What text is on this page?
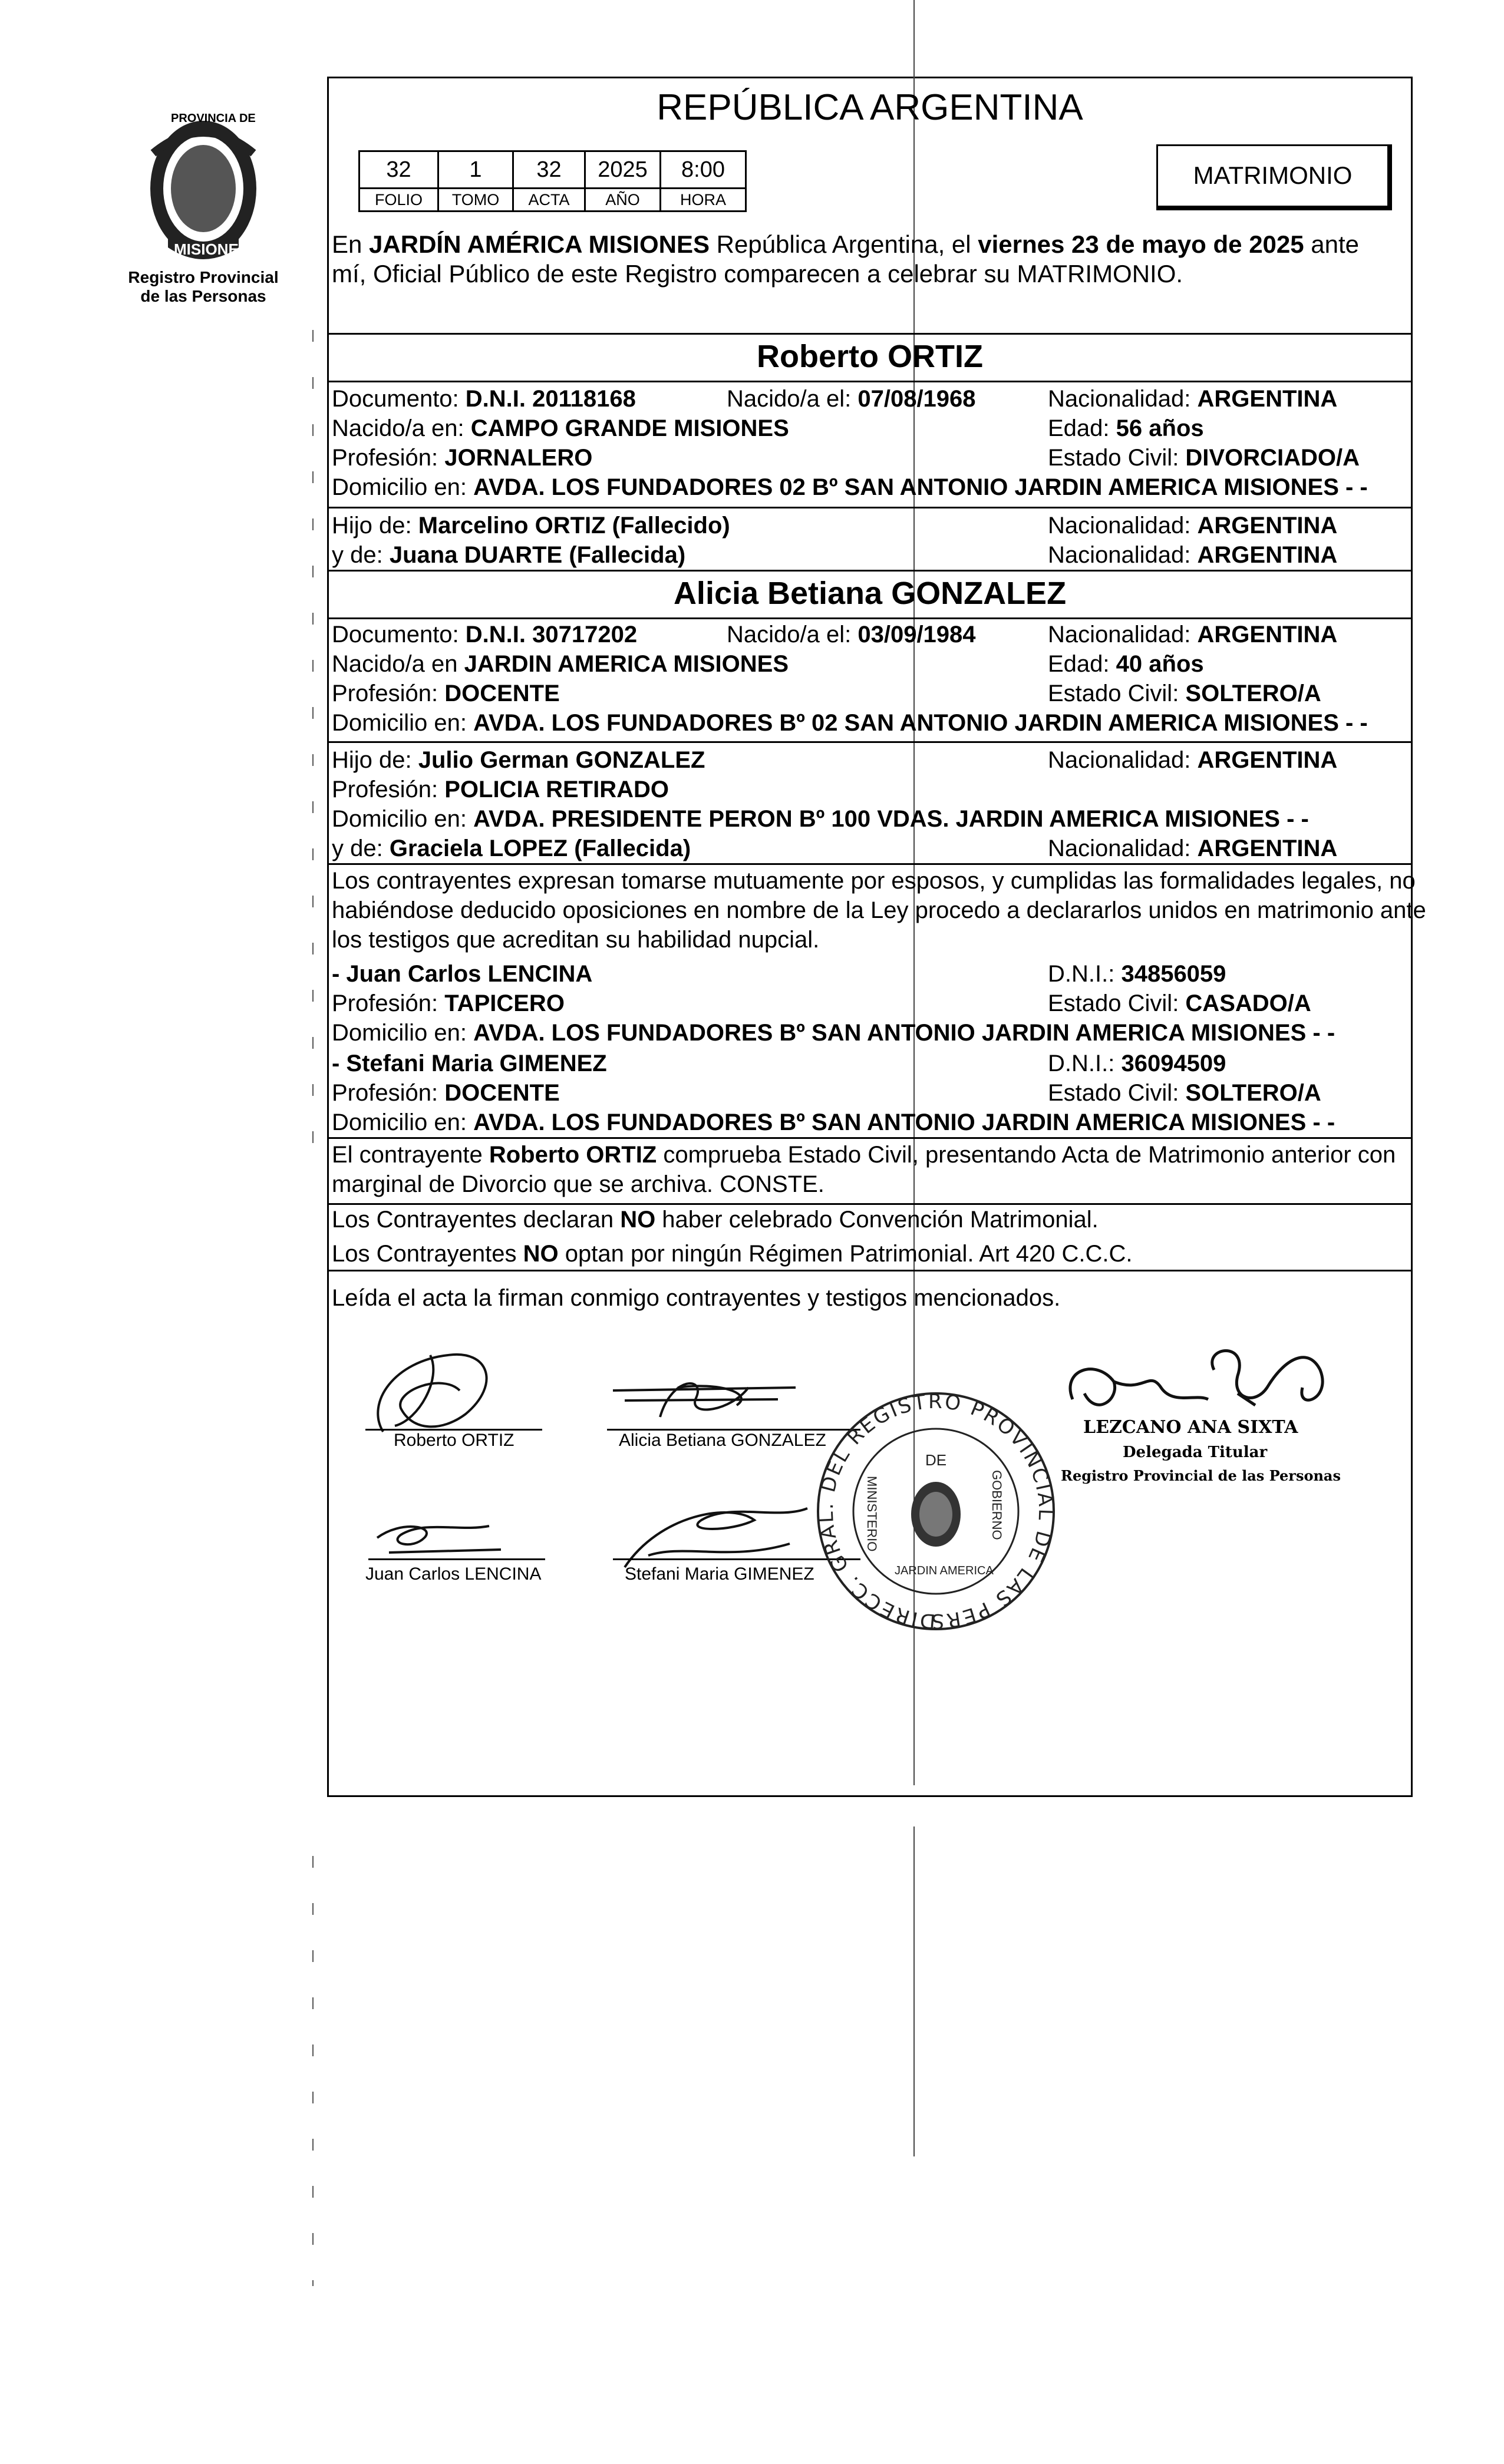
PROVINCIA DE
MISIONES
Registro Provincial
de las Personas
REPÚBLICA ARGENTINA
32	1	32	2025	8:00
FOLIO	TOMO	ACTA	AÑO	HORA
MATRIMONIO
En JARDÍN AMÉRICA MISIONES República Argentina, el viernes 23 de mayo de 2025 ante
mí, Oficial Público de este Registro comparecen a celebrar su MATRIMONIO.
Roberto ORTIZ
Documento: D.N.I. 20118168	Nacido/a el: 07/08/1968	Nacionalidad: ARGENTINA
Nacido/a en: CAMPO GRANDE MISIONES	Edad: 56 años
Profesión: JORNALERO	Estado Civil: DIVORCIADO/A
Domicilio en: AVDA. LOS FUNDADORES 02 Bº SAN ANTONIO JARDIN AMERICA MISIONES - -
Hijo de: Marcelino ORTIZ (Fallecido)	Nacionalidad: ARGENTINA
y de: Juana DUARTE (Fallecida)	Nacionalidad: ARGENTINA
Alicia Betiana GONZALEZ
Documento: D.N.I. 30717202	Nacido/a el: 03/09/1984	Nacionalidad: ARGENTINA
Nacido/a en JARDIN AMERICA MISIONES	Edad: 40 años
Profesión: DOCENTE	Estado Civil: SOLTERO/A
Domicilio en: AVDA. LOS FUNDADORES Bº 02 SAN ANTONIO JARDIN AMERICA MISIONES - -
Hijo de: Julio German GONZALEZ	Nacionalidad: ARGENTINA
Profesión: POLICIA RETIRADO
Domicilio en: AVDA. PRESIDENTE PERON Bº 100 VDAS. JARDIN AMERICA MISIONES - -
y de: Graciela LOPEZ (Fallecida)	Nacionalidad: ARGENTINA
Los contrayentes expresan tomarse mutuamente por esposos, y cumplidas las formalidades legales, no
habiéndose deducido oposiciones en nombre de la Ley procedo a declararlos unidos en matrimonio ante
los testigos que acreditan su habilidad nupcial.
- Juan Carlos LENCINA	D.N.I.: 34856059
Profesión: TAPICERO	Estado Civil: CASADO/A
Domicilio en: AVDA. LOS FUNDADORES Bº SAN ANTONIO JARDIN AMERICA MISIONES - -
- Stefani Maria GIMENEZ	D.N.I.: 36094509
Profesión: DOCENTE	Estado Civil: SOLTERO/A
Domicilio en: AVDA. LOS FUNDADORES Bº SAN ANTONIO JARDIN AMERICA MISIONES - -
El contrayente Roberto ORTIZ comprueba Estado Civil, presentando Acta de Matrimonio anterior con
marginal de Divorcio que se archiva. CONSTE.
Los Contrayentes declaran NO haber celebrado Convención Matrimonial.
Los Contrayentes NO optan por ningún Régimen Patrimonial. Art 420 C.C.C.
Leída el acta la firman conmigo contrayentes y testigos mencionados.
Roberto ORTIZ	Alicia Betiana GONZALEZ
Juan Carlos LENCINA	Stefani Maria GIMENEZ
DIRECC. GRAL. DEL REGISTRO PROVINCIAL DE LAS PERS
MINISTERIO
DE
GOBIERNO
JARDIN AMERICA
LEZCANO ANA SIXTA
Delegada Titular
Registro Provincial de las Personas
